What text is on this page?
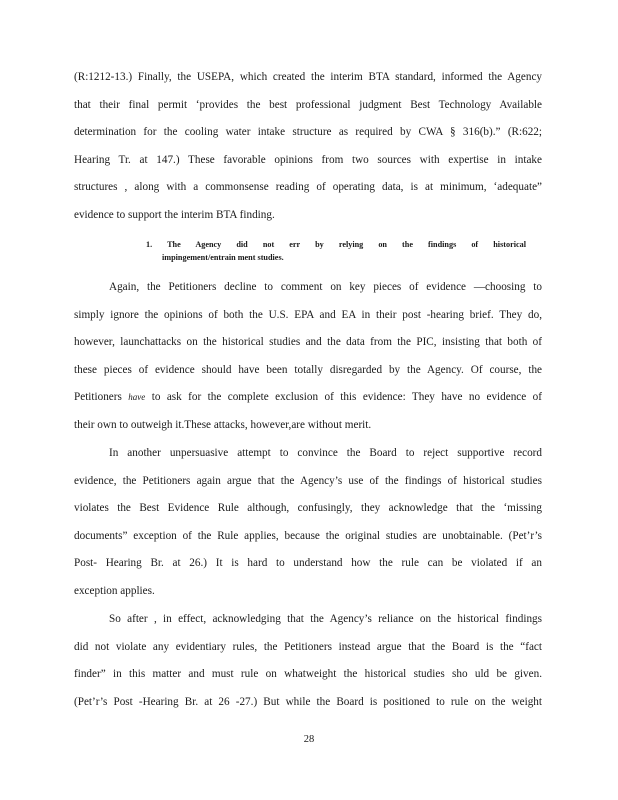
(R:1212-13.) Finally, the USEPA, which created the interim BTA standard, informed the Agency
that their final permit ‘provides the best professional judgment Best Technology Available
determination for the cooling water intake structure as required by CWA § 316(b).” (R:622;
Hearing Tr. at 147.) These favorable opinions from two sources with expertise in intake
structures , along with a commonsense reading of operating data, is at minimum, ‘adequate”
evidence to support the interim BTA finding.
1. The Agency did not err by relying on the findings of historical
impingement/entrain ment studies.
Again, the Petitioners decline to comment on key pieces of evidence —choosing to
simply ignore the opinions of both the U.S. EPA and EA in their post -hearing brief. They do,
however, launchattacks on the historical studies and the data from the PIC, insisting that both of
these pieces of evidence should have been totally disregarded by the Agency. Of course, the
Petitioners have to ask for the complete exclusion of this evidence: They have no evidence of
their own to outweigh it.These attacks, however,are without merit.
In another unpersuasive attempt to convince the Board to reject supportive record
evidence, the Petitioners again argue that the Agency’s use of the findings of historical studies
violates the Best Evidence Rule although, confusingly, they acknowledge that the ‘missing
documents” exception of the Rule applies, because the original studies are unobtainable. (Pet’r’s
Post- Hearing Br. at 26.) It is hard to understand how the rule can be violated if an
exception applies.
So after , in effect, acknowledging that the Agency’s reliance on the historical findings
did not violate any evidentiary rules, the Petitioners instead argue that the Board is the “fact
finder” in this matter and must rule on whatweight the historical studies sho uld be given.
(Pet’r’s Post -Hearing Br. at 26 -27.) But while the Board is positioned to rule on the weight
28
